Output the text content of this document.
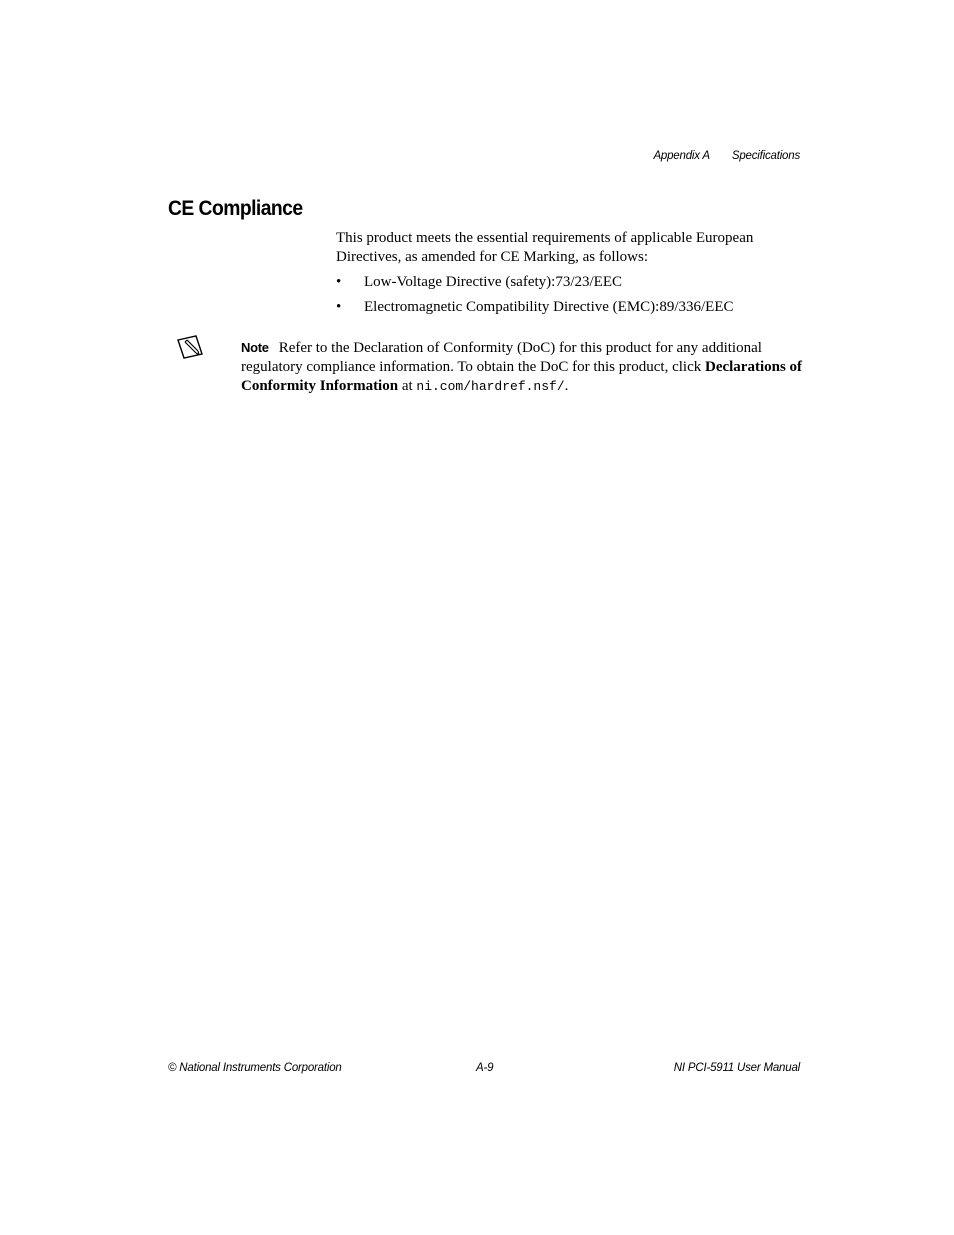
Appendix A Specifications
CE Compliance

This product meets the essential requirements of applicable European Directives, as amended for CE Marking, as follows:

• Low-Voltage Directive (safety):73/23/EEC
• Electromagnetic Compatibility Directive (EMC):89/336/EEC
Note Refer to the Declaration of Conformity (DoC) for this product for any additional regulatory compliance information. To obtain the DoC for this product, click Declarations of Conformity Information at ni.com/hardref.nsf/.
© National Instruments Corporation	A-9	NI PCI-5911 User Manual
